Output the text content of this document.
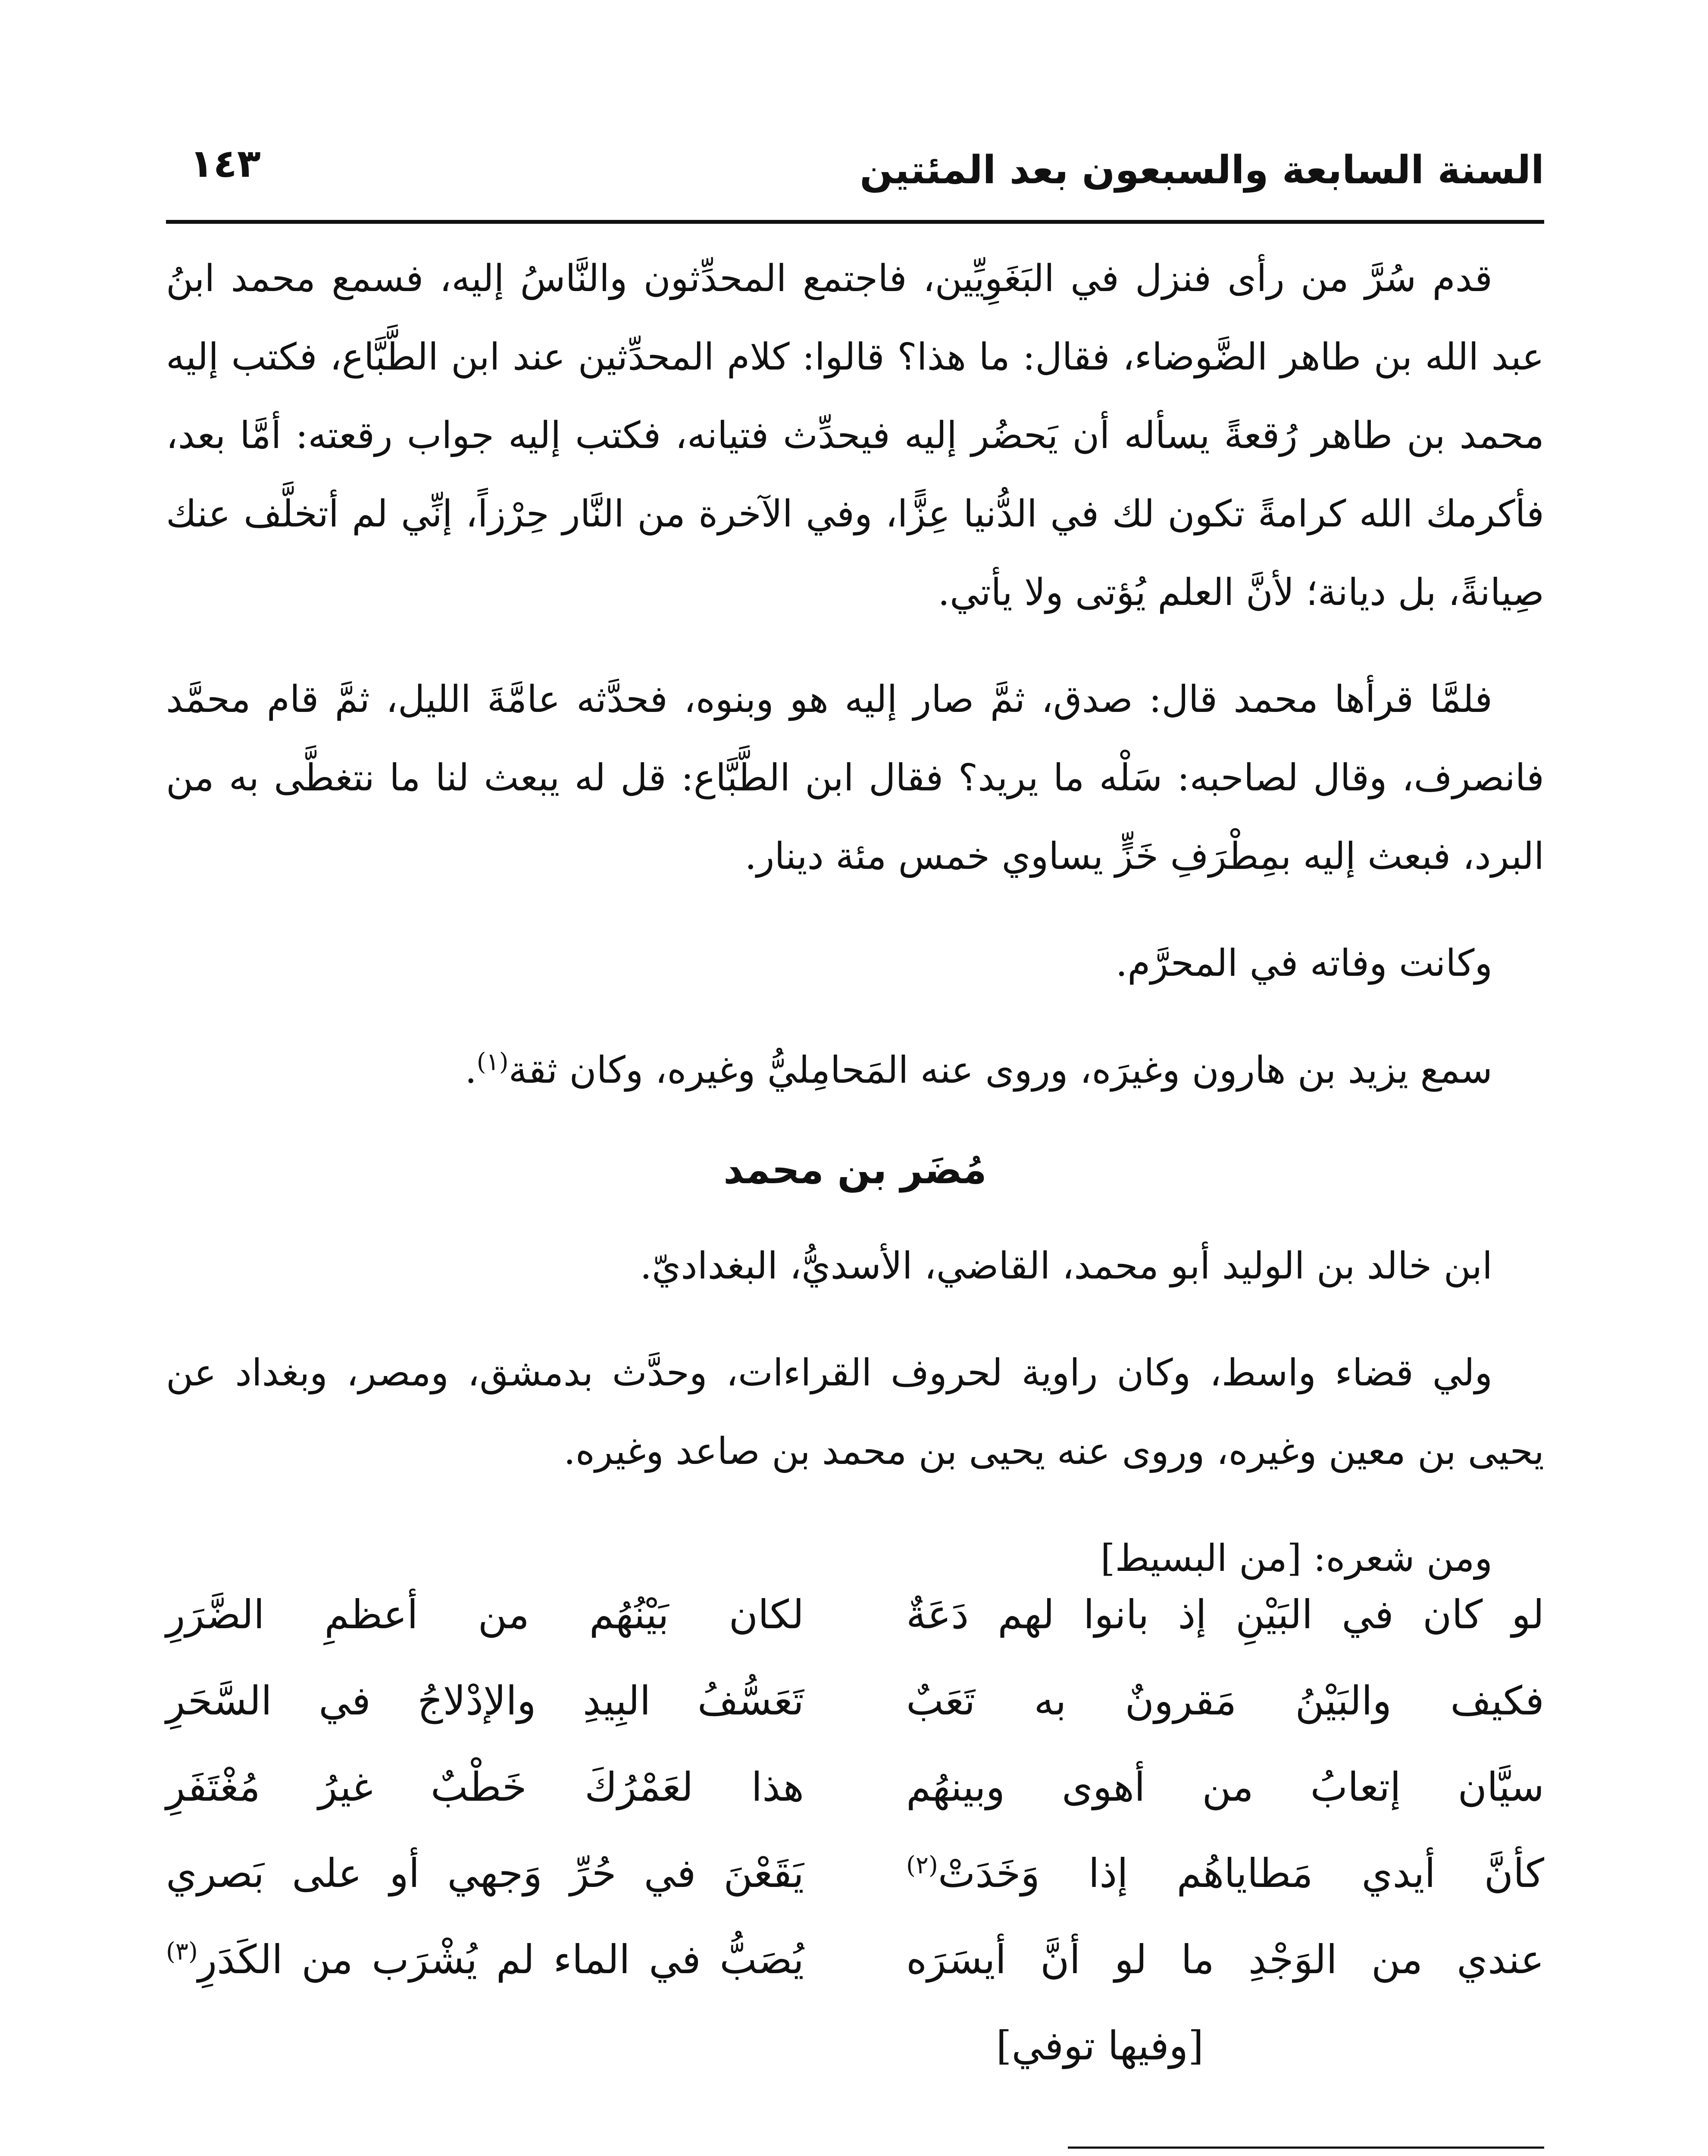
السنة السابعة والسبعون بعد المئتين
١٤٣

قدم سُرَّ من رأى فنزل في البَغَوِيِّين، فاجتمع المحدِّثون والنَّاسُ إليه، فسمع محمد ابنُ عبد الله بن طاهر الضَّوضاء، فقال: ما هذا؟ قالوا: كلام المحدِّثين عند ابن الطَّبَّاع، فكتب إليه محمد بن طاهر رُقعةً يسأله أن يَحضُر إليه فيحدِّث فتيانه، فكتب إليه جواب رقعته: أمَّا بعد، فأكرمك الله كرامةً تكون لك في الدُّنيا عِزًّا، وفي الآخرة من النَّار حِرْزاً، إنِّي لم أتخلَّف عنك صِيانةً، بل ديانة؛ لأنَّ العلم يُؤتى ولا يأتي.

فلمَّا قرأها محمد قال: صدق، ثمَّ صار إليه هو وبنوه، فحدَّثه عامَّةَ الليل، ثمَّ قام محمَّد فانصرف، وقال لصاحبه: سَلْه ما يريد؟ فقال ابن الطَّبَّاع: قل له يبعث لنا ما نتغطَّى به من البرد، فبعث إليه بمِطْرَفِ خَزٍّ يساوي خمس مئة دينار.

وكانت وفاته في المحرَّم.

سمع يزيد بن هارون وغيرَه، وروى عنه المَحامِليُّ وغيره، وكان ثقة$^{(١)}$.

مُضَر بن محمد

ابن خالد بن الوليد أبو محمد، القاضي، الأسديُّ، البغداديّ.

ولي قضاء واسط، وكان راوية لحروف القراءات، وحدَّث بدمشق، ومصر، وبغداد عن يحيى بن معين وغيره، وروى عنه يحيى بن محمد بن صاعد وغيره.

ومن شعره: [من البسيط]

لو كان في البَيْنِ إذ بانوا لهم دَعَةٌ
لكان بَيْنُهُم من أعظمِ الضَّرَرِ
فكيف والبَيْنُ مَقرونٌ به تَعَبٌ
تَعَسُّفُ البِيدِ والإدْلاجُ في السَّحَرِ
سيَّان إتعابُ من أهوى وبينهُم
هذا لعَمْرُكَ خَطْبٌ غيرُ مُغْتَفَرِ
كأنَّ أيدي مَطاياهُم إذا وَخَدَتْ$^{(٢)}$
يَقَعْنَ في حُرِّ وَجهي أو على بَصري
عندي من الوَجْدِ ما لو أنَّ أيسَرَه
يُصَبُّ في الماء لم يُشْرَب من الكَدَرِ$^{(٣)}$
[وفيها توفي]
